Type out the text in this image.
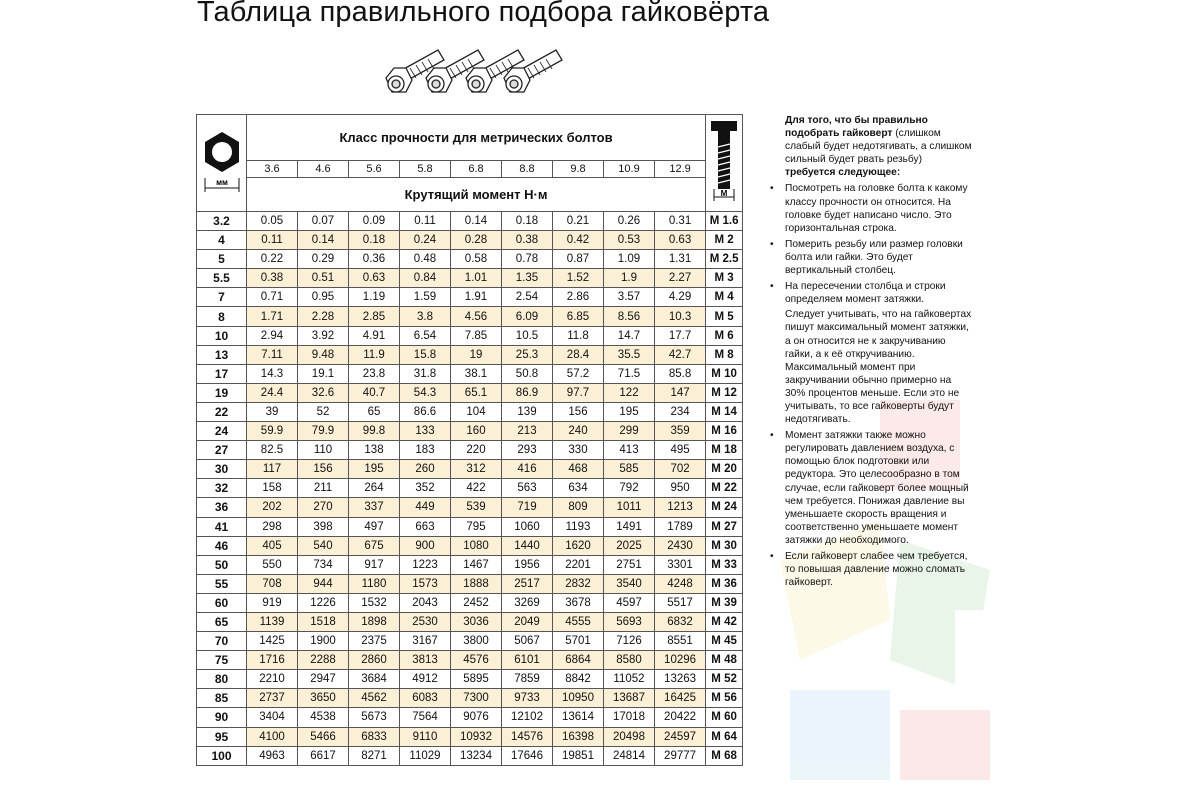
Таблица правильного подбора гайковёрта
мм	Класс прочности для метрических болтов									М

	3.6	4.6	5.6	5.8	6.8	8.8	9.8	10.9	12.9	
	Крутящий момент Н·м									
3.2	0.05	0.07	0.09	0.11	0.14	0.18	0.21	0.26	0.31	М 1.6
4	0.11	0.14	0.18	0.24	0.28	0.38	0.42	0.53	0.63	М 2
5	0.22	0.29	0.36	0.48	0.58	0.78	0.87	1.09	1.31	М 2.5
5.5	0.38	0.51	0.63	0.84	1.01	1.35	1.52	1.9	2.27	М 3
7	0.71	0.95	1.19	1.59	1.91	2.54	2.86	3.57	4.29	М 4
8	1.71	2.28	2.85	3.8	4.56	6.09	6.85	8.56	10.3	М 5
10	2.94	3.92	4.91	6.54	7.85	10.5	11.8	14.7	17.7	М 6
13	7.11	9.48	11.9	15.8	19	25.3	28.4	35.5	42.7	М 8
17	14.3	19.1	23.8	31.8	38.1	50.8	57.2	71.5	85.8	М 10
19	24.4	32.6	40.7	54.3	65.1	86.9	97.7	122	147	М 12
22	39	52	65	86.6	104	139	156	195	234	М 14
24	59.9	79.9	99.8	133	160	213	240	299	359	М 16
27	82.5	110	138	183	220	293	330	413	495	М 18
30	117	156	195	260	312	416	468	585	702	М 20
32	158	211	264	352	422	563	634	792	950	М 22
36	202	270	337	449	539	719	809	1011	1213	М 24
41	298	398	497	663	795	1060	1193	1491	1789	М 27
46	405	540	675	900	1080	1440	1620	2025	2430	М 30
50	550	734	917	1223	1467	1956	2201	2751	3301	М 33
55	708	944	1180	1573	1888	2517	2832	3540	4248	М 36
60	919	1226	1532	2043	2452	3269	3678	4597	5517	М 39
65	1139	1518	1898	2530	3036	2049	4555	5693	6832	М 42
70	1425	1900	2375	3167	3800	5067	5701	7126	8551	М 45
75	1716	2288	2860	3813	4576	6101	6864	8580	10296	М 48
80	2210	2947	3684	4912	5895	7859	8842	11052	13263	М 52
85	2737	3650	4562	6083	7300	9733	10950	13687	16425	М 56
90	3404	4538	5673	7564	9076	12102	13614	17018	20422	М 60
95	4100	5466	6833	9110	10932	14576	16398	20498	24597	М 64
100	4963	6617	8271	11029	13234	17646	19851	24814	29777	М 68

Для того, что бы правильно подобрать гайковерт (слишком слабый будет недотягивать, а слишком сильный будет рвать резьбу) требуется следующее:

• Посмотреть на головке болта к какому классу прочности он относится. На головке будет написано число. Это горизонтальная строка.
• Померить резьбу или размер головки болта или гайки. Это будет вертикальный столбец.
• На пересечении столбца и строки определяем момент затяжки.

Следует учитывать, что на гайковертах пишут максимальный момент затяжки, а он относится не к закручиванию гайки, а к её откручиванию. Максимальный момент при закручивании обычно примерно на 30% процентов меньше. Если это не учитывать, то все гайковерты будут недотягивать.

• Момент затяжки также можно регулировать давлением воздуха, с помощью блок подготовки или редуктора. Это целесообразно в том случае, если гайковерт более мощный чем требуется. Понижая давление вы уменьшаете скорость вращения и соответственно уменьшаете момент затяжки до необходимого.
• Если гайковерт слабее чем требуется, то повышая давление можно сломать гайковерт.
